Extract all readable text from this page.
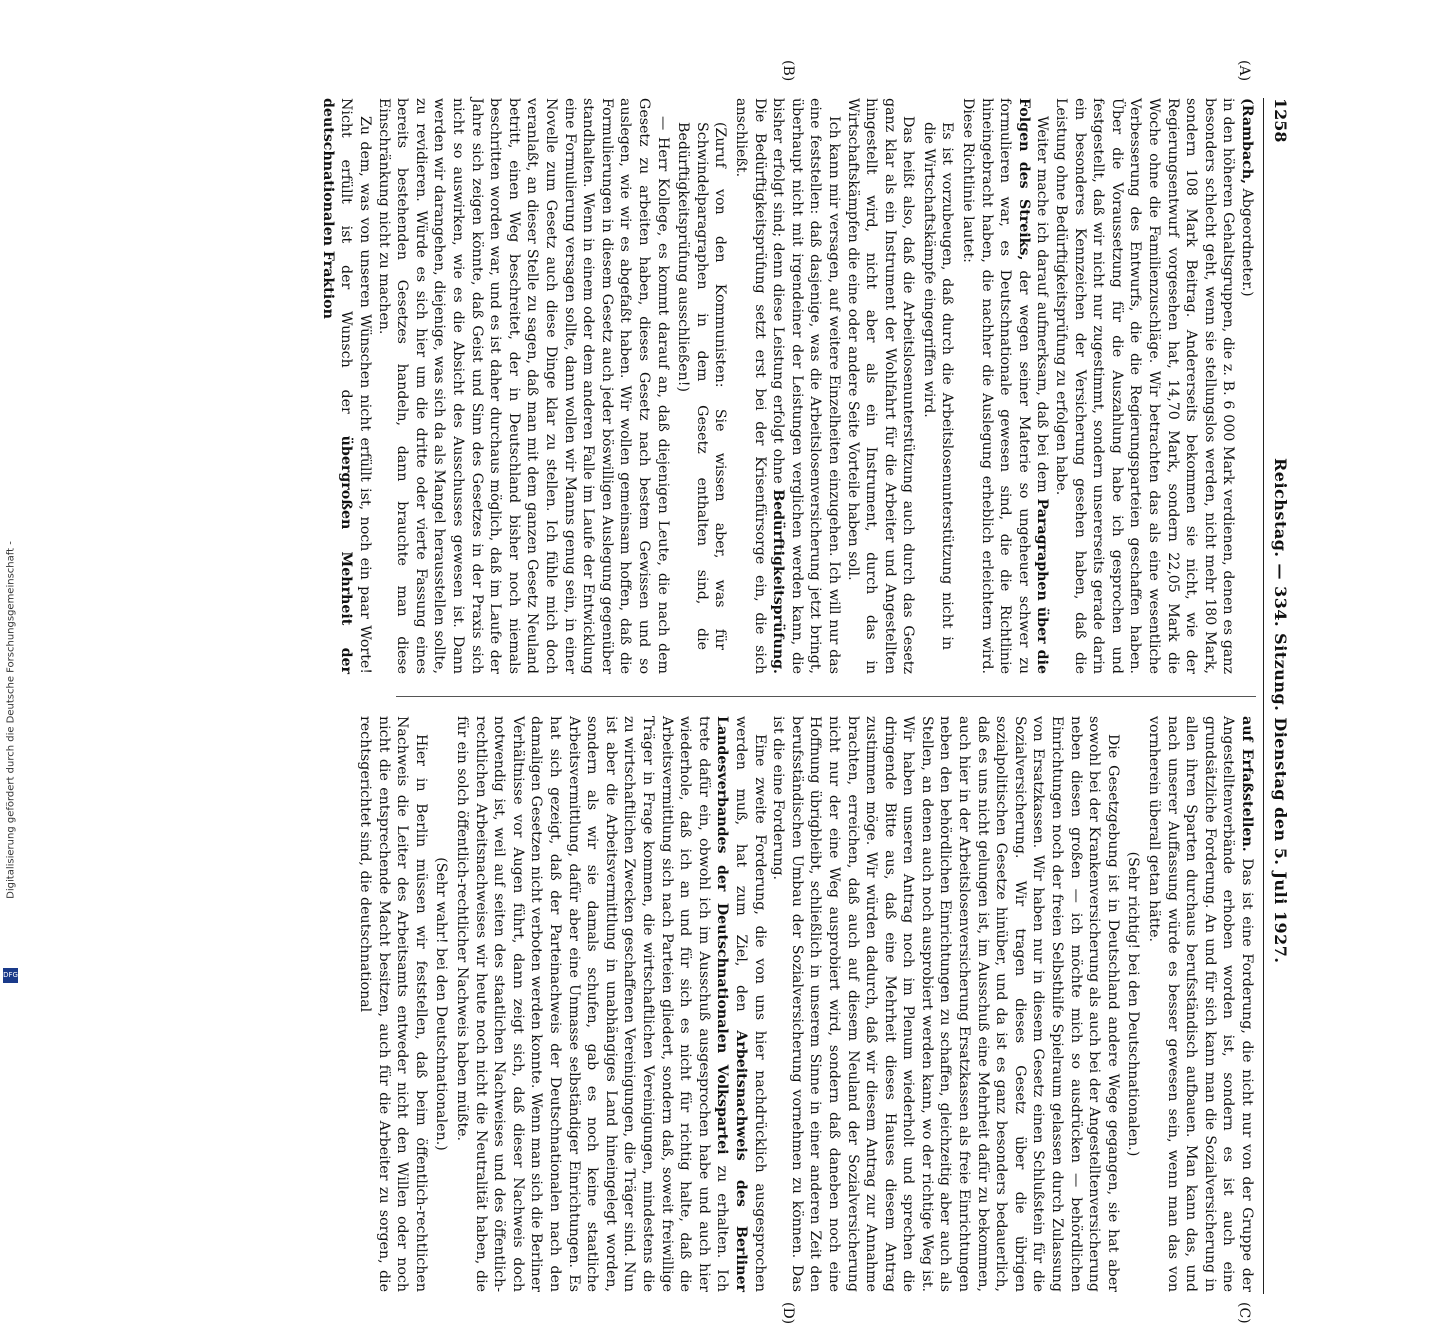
Digitalisierung gefördert durch die Deutsche Forschungsgemeinschaft -
DFG
1258
Reichstag. — 334. Sitzung. Dienstag den 5. Juli 1927.
(A)
(B)
(C)
(D)

(Rambach, Abgeordneter.)

in den höheren Gehaltsgruppen, die z. B. 6 000 Mark verdienen, denen es ganz besonders schlecht geht, wenn sie stellungslos werden, nicht mehr 180 Mark, sondern 108 Mark Beitrag. Andererseits bekommen sie nicht, wie der Regierungsentwurf vorgesehen hat, 14,70 Mark, sondern 22,05 Mark die Woche ohne die Familienzuschläge. Wir betrachten das als eine wesentliche Verbesserung des Entwurfs, die die Regierungsparteien geschaffen haben. Über die Voraussetzung für die Auszahlung habe ich gesprochen und festgestellt, daß wir nicht nur zugestimmt, sondern unsererseits gerade darin ein besonderes Kennzeichen der Versicherung gesehen haben, daß die Leistung ohne Bedürftigkeitsprüfung zu erfolgen habe.

Weiter mache ich darauf aufmerksam, daß bei dem Paragraphen über die Folgen des Streiks, der wegen seiner Materie so ungeheuer schwer zu formulieren war, es Deutschnationale gewesen sind, die die Richtlinie hineingebracht haben, die nachher die Auslegung erheblich erleichtern wird. Diese Richtlinie lautet:

Es ist vorzubeugen, daß durch die Arbeitslosenunterstützung nicht in die Wirtschaftskämpfe eingegriffen wird.

Das heißt also, daß die Arbeitslosenunterstützung auch durch das Gesetz ganz klar als ein Instrument der Wohlfahrt für die Arbeiter und Angestellten hingestellt wird, nicht aber als ein Instrument, durch das in Wirtschaftskämpfen die eine oder andere Seite Vorteile haben soll.

Ich kann mir versagen, auf weitere Einzelheiten einzugehen. Ich will nur das eine feststellen: daß dasjenige, was die Arbeitslosenversicherung jetzt bringt, überhaupt nicht mit irgendeiner der Leistungen verglichen werden kann, die bisher erfolgt sind; denn diese Leistung erfolgt ohne Bedürftigkeitsprüfung. Die Bedürftigkeitsprüfung setzt erst bei der Krisenfürsorge ein, die sich anschließt.

(Zuruf von den Kommunisten: Sie wissen aber, was für Schwindelparagraphen in dem Gesetz enthalten sind, die Bedürftigkeitsprüfung ausschließen!)

— Herr Kollege, es kommt darauf an, daß diejenigen Leute, die nach dem Gesetz zu arbeiten haben, dieses Gesetz nach bestem Gewissen und so auslegen, wie wir es abgefaßt haben. Wir wollen gemeinsam hoffen, daß die Formulierungen in diesem Gesetz auch jeder böswilligen Auslegung gegenüber standhalten. Wenn in einem oder dem anderen Falle im Laufe der Entwicklung eine Formulierung versagen sollte, dann wollen wir Manns genug sein, in einer Novelle zum Gesetz auch diese Dinge klar zu stellen. Ich fühle mich doch veranlaßt, an dieser Stelle zu sagen, daß man mit dem ganzen Gesetz Neuland betritt, einen Weg beschreitet, der in Deutschland bisher noch niemals beschritten worden war, und es ist daher durchaus möglich, daß im Laufe der Jahre sich zeigen könnte, daß Geist und Sinn des Gesetzes in der Praxis sich nicht so auswirken, wie es die Absicht des Ausschusses gewesen ist. Dann werden wir darangehen, diejenige, was sich da als Mangel herausstellen sollte, zu revidieren. Würde es sich hier um die dritte oder vierte Fassung eines bereits bestehenden Gesetzes handeln, dann brauchte man diese Einschränkung nicht zu machen.

Zu dem, was von unseren Wünschen nicht erfüllt ist, noch ein paar Worte! Nicht erfüllt ist der Wunsch der übergroßen Mehrheit der deutschnationalen Fraktion

auf Erfaßstellen. Das ist eine Forderung, die nicht nur von der Gruppe der Angestelltenverbände erhoben worden ist, sondern es ist auch eine grundsätzliche Forderung. An und für sich kann man die Sozialversicherung in allen ihren Sparten durchaus berufsständisch aufbauen. Man kann das, und nach unserer Auffassung würde es besser gewesen sein, wenn man das von vornherein überall getan hätte.

(Sehr richtig! bei den Deutschnationalen.)

Die Gesetzgebung ist in Deutschland andere Wege gegangen, sie hat aber sowohl bei der Krankenversicherung als auch bei der Angestelltenversicherung neben diesen großen — ich möchte mich so ausdrücken — behördlichen Einrichtungen noch der freien Selbsthilfe Spielraum gelassen durch Zulassung von Ersatzkassen. Wir haben nur in diesem Gesetz einen Schlußstein für die Sozialversicherung. Wir tragen dieses Gesetz über die übrigen sozialpolitischen Gesetze hinüber, und da ist es ganz besonders bedauerlich, daß es uns nicht gelungen ist, im Ausschuß eine Mehrheit dafür zu bekommen, auch hier in der Arbeitslosenversicherung Ersatzkassen als freie Einrichtungen neben den behördlichen Einrichtungen zu schaffen, gleichzeitig aber auch als Stellen, an denen auch noch ausprobiert werden kann, wo der richtige Weg ist. Wir haben unseren Antrag noch im Plenum wiederholt und sprechen die dringende Bitte aus, daß eine Mehrheit dieses Hauses diesem Antrag zustimmen möge. Wir würden dadurch, daß wir diesem Antrag zur Annahme brachten, erreichen, daß auch auf diesem Neuland der Sozialversicherung nicht nur der eine Weg ausprobiert wird, sondern daß daneben noch eine Hoffnung übrigbleibt, schließlich in unserem Sinne in einer anderen Zeit den berufsständischen Umbau der Sozialversicherung vornehmen zu können. Das ist die eine Forderung.

Eine zweite Forderung, die von uns hier nachdrücklich ausgesprochen werden muß, hat zum Ziel, den Arbeitsnachweis des Berliner Landesverbandes der Deutschnationalen Volkspartei zu erhalten. Ich trete dafür ein, obwohl ich im Ausschuß ausgesprochen habe und auch hier wiederhole, daß ich an und für sich es nicht für richtig halte, daß die Arbeitsvermittlung sich nach Parteien gliedert, sondern daß, soweit freiwillige Träger in Frage kommen, die wirtschaftlichen Vereinigungen, mindestens die zu wirtschaftlichen Zwecken geschaffenen Vereinigungen, die Träger sind. Nun ist aber die Arbeitsvermittlung in unabhängiges Land hineingelegt worden, sondern als wir sie damals schufen, gab es noch keine staatliche Arbeitsvermittlung, dafür aber eine Unmasse selbständiger Einrichtungen. Es hat sich gezeigt, daß der Parteinachweis der Deutschnationalen nach den damaligen Gesetzen nicht verboten werden konnte. Wenn man sich die Berliner Verhältnisse vor Augen führt, dann zeigt sich, daß dieser Nachweis doch notwendig ist, weil auf seiten des staatlichen Nachweises und des öffentlich-rechtlichen Arbeitsnachweises wir heute noch nicht die Neutralität haben, die für ein solch öffentlich-rechtlicher Nachweis haben müßte.

(Sehr wahr! bei den Deutschnationalen.)

Hier in Berlin müssen wir feststellen, daß beim öffentlich-rechtlichen Nachweis die Leiter des Arbeitsamts entweder nicht den Willen oder noch nicht die entsprechende Macht besitzen, auch für die Arbeiter zu sorgen, die rechtsgerichtet sind, die deutschnational
